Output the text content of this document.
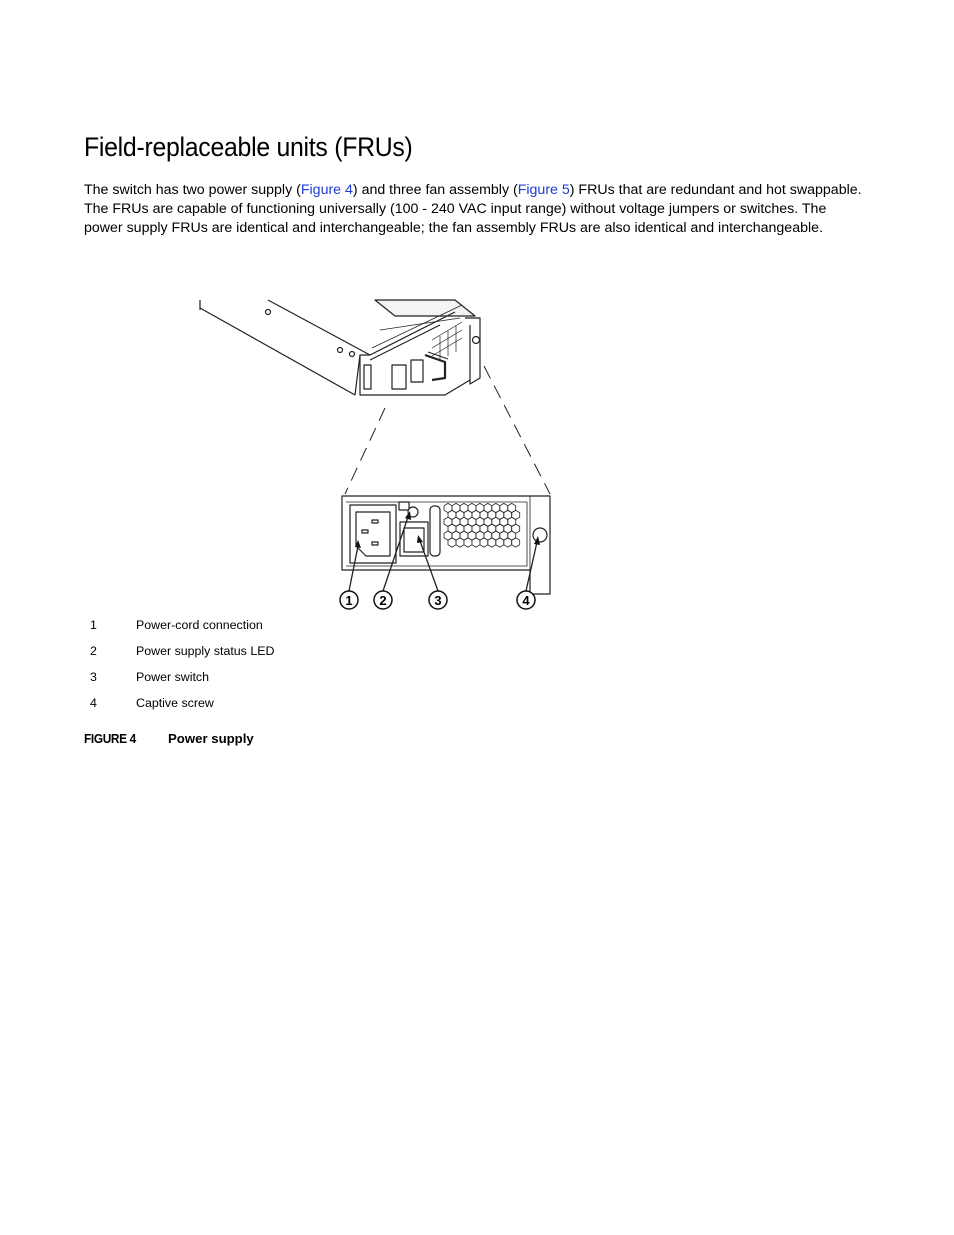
Field-replaceable units (FRUs)

The switch has two power supply (Figure 4) and three fan assembly (Figure 5) FRUs that are redundant and hot swappable. The FRUs are capable of functioning universally (100 - 240 VAC input range) without voltage jumpers or switches. The power supply FRUs are identical and interchangeable; the fan assembly FRUs are also identical and interchangeable.

1 2	3	4
1	Power-cord connection
2	Power supply status LED
3	Power switch
4	Captive screw
FIGURE 4 Power supply
